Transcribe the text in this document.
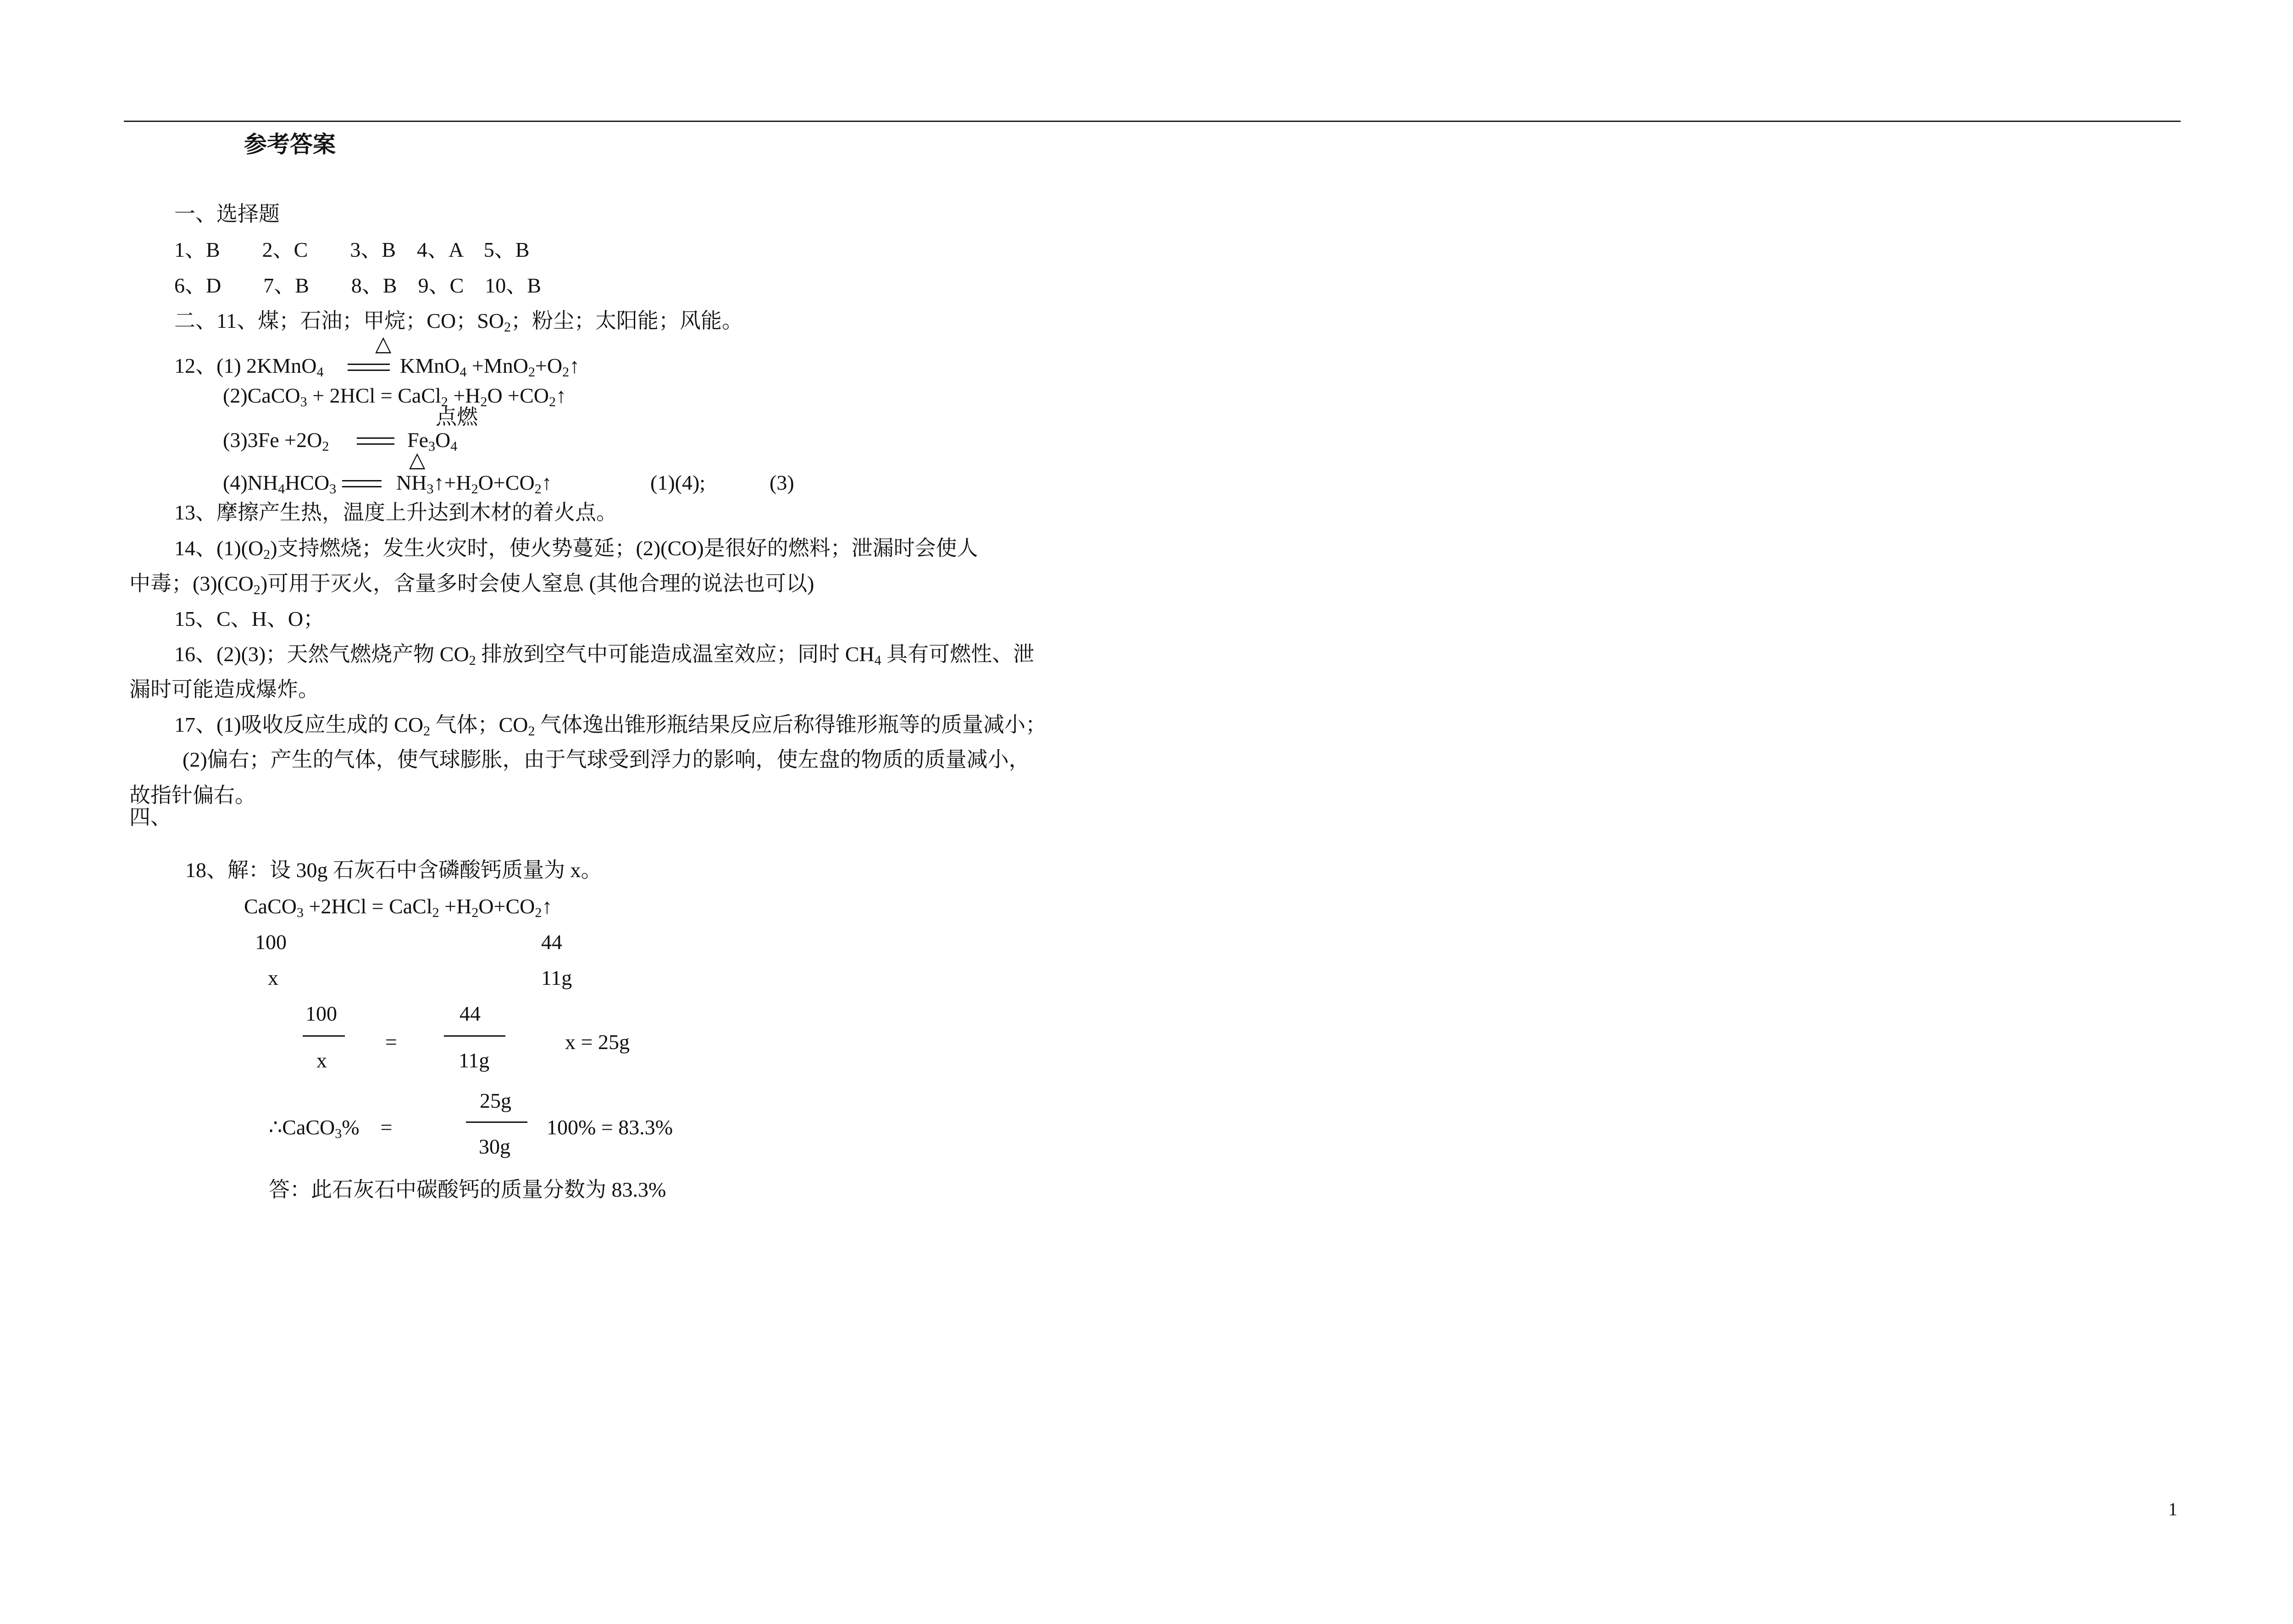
参考答案
一、选择题
1、B　　2、C　　3、B　4、A　5、B
6、D　　7、B　　8、B　9、C　10、B
二、11、煤；石油；甲烷；CO；$SO_2$；粉尘；太阳能；风能。
△
12、(1) 2KMnO$_4$	KMnO$_4$ $+MnO_2+O_2↑$
(2)CaCO$_3$ + 2HCl = CaCl$_2$ $+H_2O$ $+CO_2↑$
$(3)3Fe +2O_2$	$Fe_3O_4$
点燃
△
$(4)NH_4HCO_3$	$NH_3↑+H_2O+CO_2↑$	(1)(4);	(3)
13、摩擦产生热，温度上升达到木材的着火点。
14、$(1)(O_2)$支持燃烧；发生火灾时，使火势蔓延；(2)(CO)是很好的燃料；泄漏时会使人
中毒；$(3)(CO_2)$可用于灭火，含量多时会使人窒息 (其他合理的说法也可以)
15、C、H、O；
16、(2)(3)；天然气燃烧产物 $CO_2$ 排放到空气中可能造成温室效应；同时 $CH_4$ 具有可燃性、泄
漏时可能造成爆炸。
17、(1)吸收反应生成的 $CO_2$ 气体；$CO_2$ 气体逸出锥形瓶结果反应后称得锥形瓶等的质量减小；
(2)偏右；产生的气体，使气球膨胀，由于气球受到浮力的影响，使左盘的物质的质量减小，
故指针偏右。
四、
18、解：设 30g 石灰石中含磷酸钙质量为 x。
CaCO$_3$ +2HCl = CaCl$_2$ $+H_2O+CO_2↑$
100	44
x	11g
100
x
=
44
11g
x = 25g
25g
30g
∴CaCO$_3$%　=	100% = 83.3%
答：此石灰石中碳酸钙的质量分数为 83.3%
1
